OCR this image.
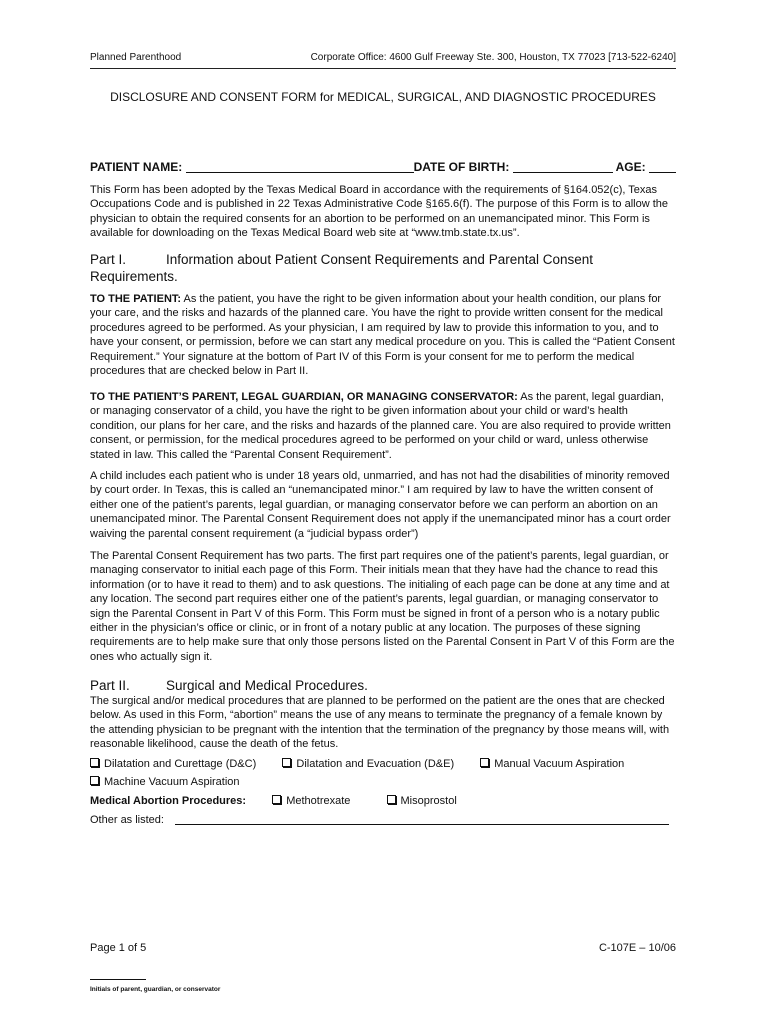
Planned Parenthood	Corporate Office: 4600 Gulf Freeway Ste. 300, Houston, TX 77023 [713-522-6240]
DISCLOSURE AND CONSENT FORM for MEDICAL, SURGICAL, AND DIAGNOSTIC PROCEDURES
PATIENT NAME:	DATE OF BIRTH:	AGE:

This Form has been adopted by the Texas Medical Board in accordance with the requirements of §164.052(c), Texas Occupations Code and is published in 22 Texas Administrative Code §165.6(f). The purpose of this Form is to allow the physician to obtain the required consents for an abortion to be performed on an unemancipated minor. This Form is available for downloading on the Texas Medical Board web site at “www.tmb.state.tx.us”.

Part I.	Information about Patient Consent Requirements and Parental Consent Requirements.

TO THE PATIENT: As the patient, you have the right to be given information about your health condition, our plans for your care, and the risks and hazards of the planned care. You have the right to provide written consent for the medical procedures agreed to be performed. As your physician, I am required by law to provide this information to you, and to have your consent, or permission, before we can start any medical procedure on you. This is called the “Patient Consent Requirement.” Your signature at the bottom of Part IV of this Form is your consent for me to perform the medical procedures that are checked below in Part II.

TO THE PATIENT’S PARENT, LEGAL GUARDIAN, OR MANAGING CONSERVATOR: As the parent, legal guardian, or managing conservator of a child, you have the right to be given information about your child or ward’s health condition, our plans for her care, and the risks and hazards of the planned care. You are also required to provide written consent, or permission, for the medical procedures agreed to be performed on your child or ward, unless otherwise stated in law. This called the “Parental Consent Requirement”.

A child includes each patient who is under 18 years old, unmarried, and has not had the disabilities of minority removed by court order. In Texas, this is called an “unemancipated minor.” I am required by law to have the written consent of either one of the patient’s parents, legal guardian, or managing conservator before we can perform an abortion on an unemancipated minor. The Parental Consent Requirement does not apply if the unemancipated minor has a court order waiving the parental consent requirement (a “judicial bypass order”)

The Parental Consent Requirement has two parts. The first part requires one of the patient’s parents, legal guardian, or managing conservator to initial each page of this Form. Their initials mean that they have had the chance to read this information (or to have it read to them) and to ask questions. The initialing of each page can be done at any time and at any location. The second part requires either one of the patient’s parents, legal guardian, or managing conservator to sign the Parental Consent in Part V of this Form. This Form must be signed in front of a person who is a notary public either in the physician’s office or clinic, or in front of a notary public at any location. The purposes of these signing requirements are to help make sure that only those persons listed on the Parental Consent in Part V of this Form are the ones who actually sign it.

Part II.	Surgical and Medical Procedures.

The surgical and/or medical procedures that are planned to be performed on the patient are the ones that are checked below. As used in this Form, “abortion” means the use of any means to terminate the pregnancy of a female known by the attending physician to be pregnant with the intention that the termination of the pregnancy by those means will, with reasonable likelihood, cause the death of the fetus.

Dilatation and Curettage (D&C)	Dilatation and Evacuation (D&E)	Manual Vacuum Aspiration
Machine Vacuum Aspiration
Medical Abortion Procedures:	Methotrexate	Misoprostol
Other as listed:
Page 1 of 5	C-107E – 10/06
Initials of parent, guardian, or conservator
